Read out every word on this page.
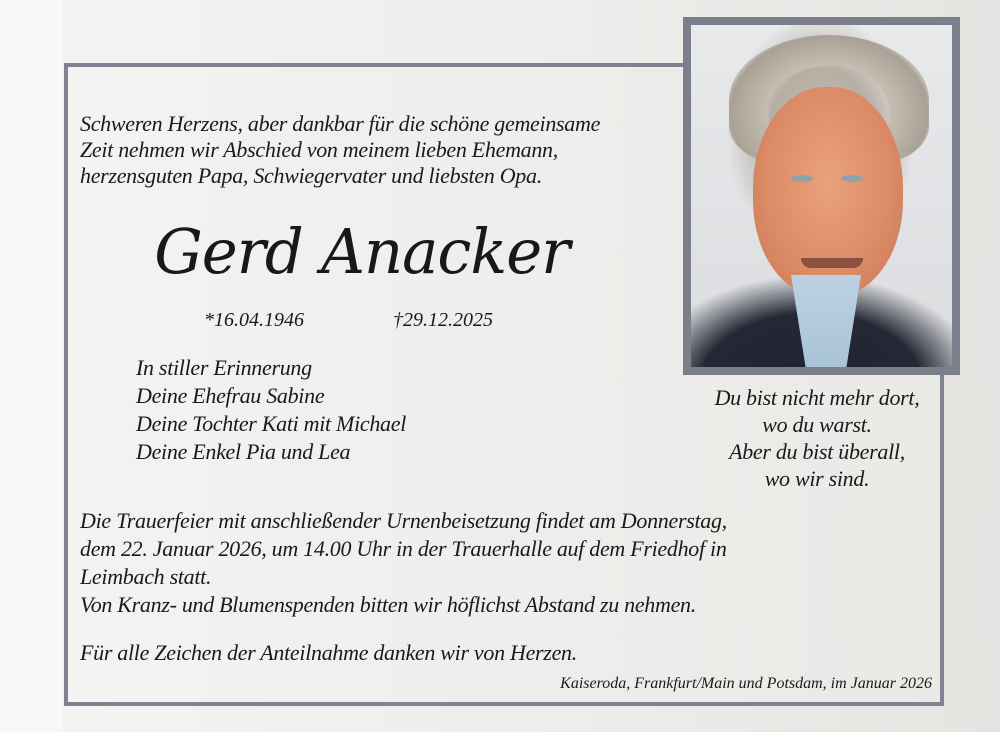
Schweren Herzens, aber dankbar für die schöne gemeinsame
Zeit nehmen wir Abschied von meinem lieben Ehemann,
herzensguten Papa, Schwiegervater und liebsten Opa.
Gerd Anacker
*16.04.1946	†29.12.2025
In stiller Erinnerung
Deine Ehefrau Sabine
Deine Tochter Kati mit Michael
Deine Enkel Pia und Lea
Du bist nicht mehr dort,
wo du warst.
Aber du bist überall,
wo wir sind.
Die Trauerfeier mit anschließender Urnenbeisetzung findet am Donnerstag,
dem 22. Januar 2026, um 14.00 Uhr in der Trauerhalle auf dem Friedhof in
Leimbach statt.
Von Kranz- und Blumenspenden bitten wir höflichst Abstand zu nehmen.
Für alle Zeichen der Anteilnahme danken wir von Herzen.
Kaiseroda, Frankfurt/Main und Potsdam, im Januar 2026
